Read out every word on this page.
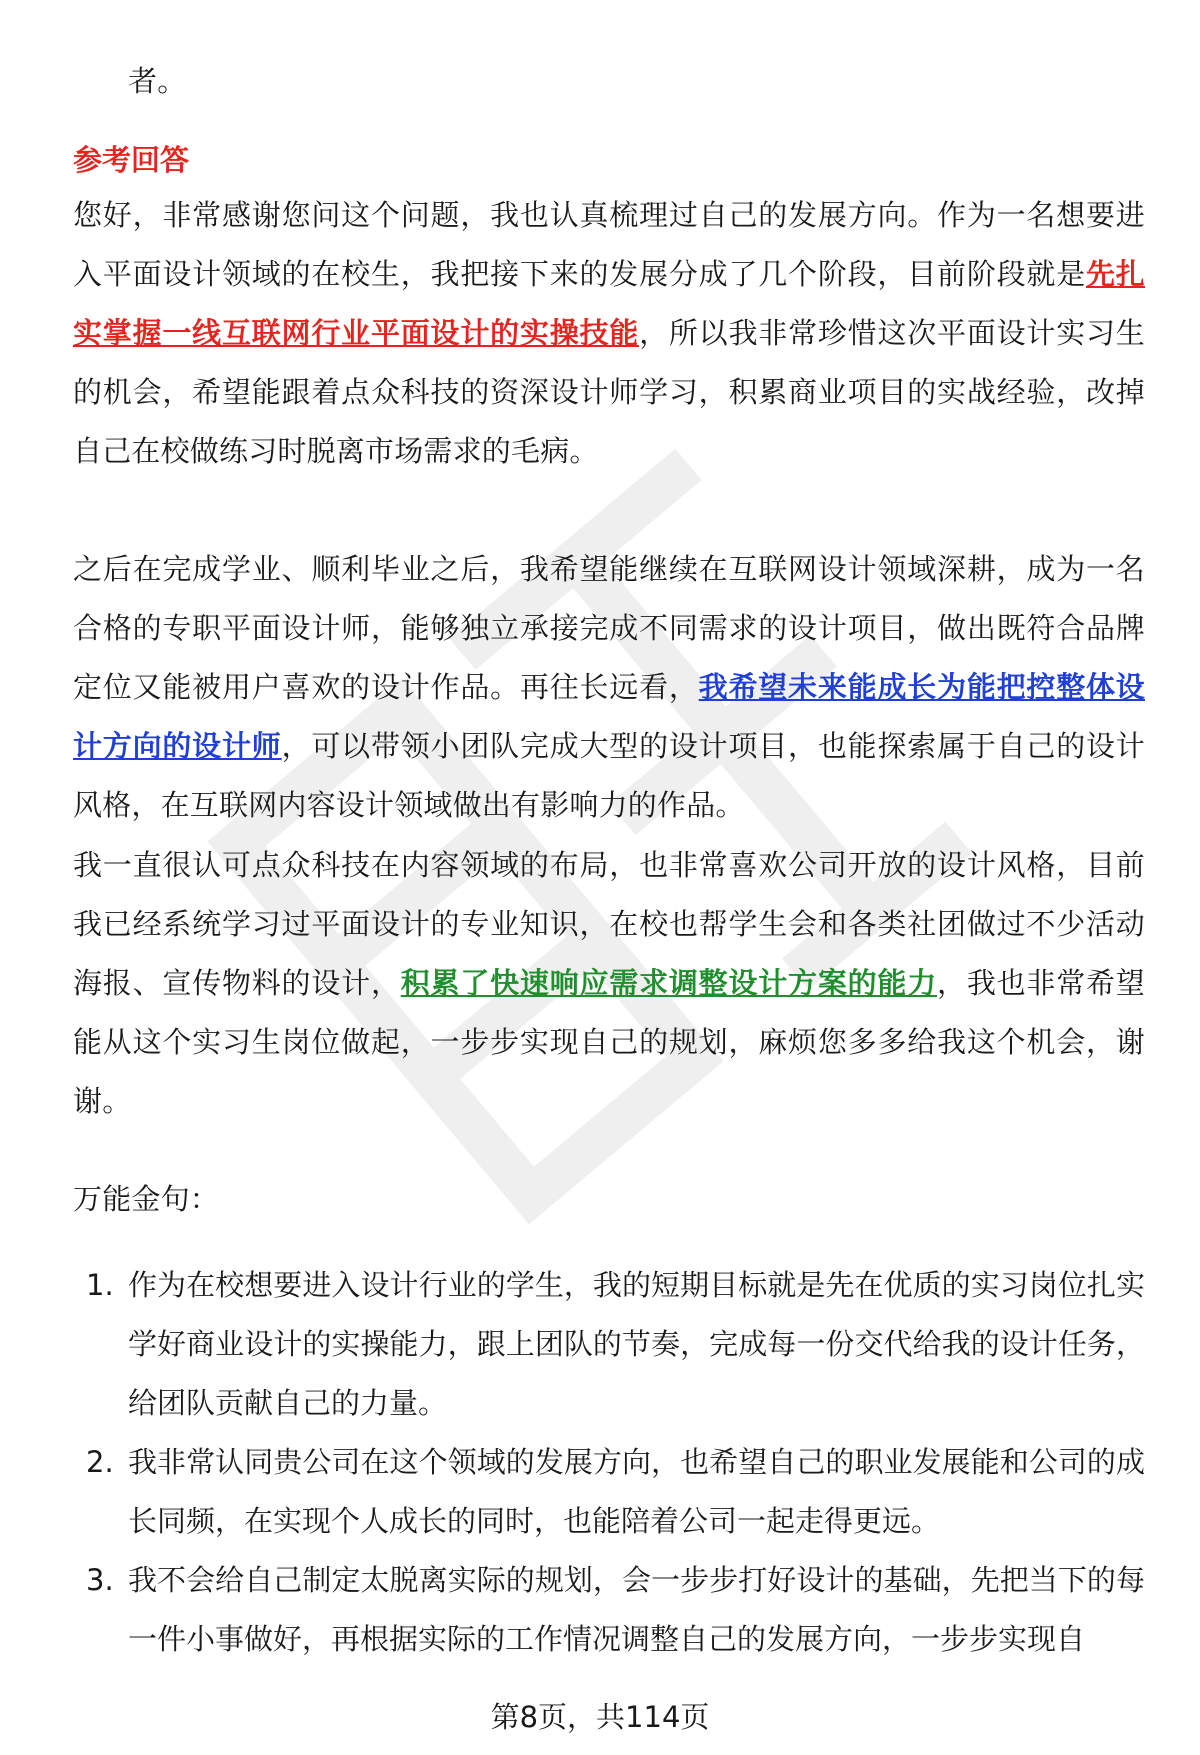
者。

参考回答

您好，非常感谢您问这个问题，我也认真梳理过自己的发展方向。作为一名想要进入平面设计领域的在校生，我把接下来的发展分成了几个阶段，目前阶段就是先扎实掌握一线互联网行业平面设计的实操技能，所以我非常珍惜这次平面设计实习生的机会，希望能跟着点众科技的资深设计师学习，积累商业项目的实战经验，改掉自己在校做练习时脱离市场需求的毛病。

之后在完成学业、顺利毕业之后，我希望能继续在互联网设计领域深耕，成为一名合格的专职平面设计师，能够独立承接完成不同需求的设计项目，做出既符合品牌定位又能被用户喜欢的设计作品。再往长远看，我希望未来能成长为能把控整体设计方向的设计师，可以带领小团队完成大型的设计项目，也能探索属于自己的设计风格，在互联网内容设计领域做出有影响力的作品。

我一直很认可点众科技在内容领域的布局，也非常喜欢公司开放的设计风格，目前我已经系统学习过平面设计的专业知识，在校也帮学生会和各类社团做过不少活动海报、宣传物料的设计，积累了快速响应需求调整设计方案的能力，我也非常希望能从这个实习生岗位做起，一步步实现自己的规划，麻烦您多多给我这个机会，谢谢。

万能金句：

1. 作为在校想要进入设计行业的学生，我的短期目标就是先在优质的实习岗位扎实学好商业设计的实操能力，跟上团队的节奏，完成每一份交代给我的设计任务，给团队贡献自己的力量。
2. 我非常认同贵公司在这个领域的发展方向，也希望自己的职业发展能和公司的成长同频，在实现个人成长的同时，也能陪着公司一起走得更远。
3. 我不会给自己制定太脱离实际的规划，会一步步打好设计的基础，先把当下的每一件小事做好，再根据实际的工作情况调整自己的发展方向，一步步实现自
第8页，共114页
